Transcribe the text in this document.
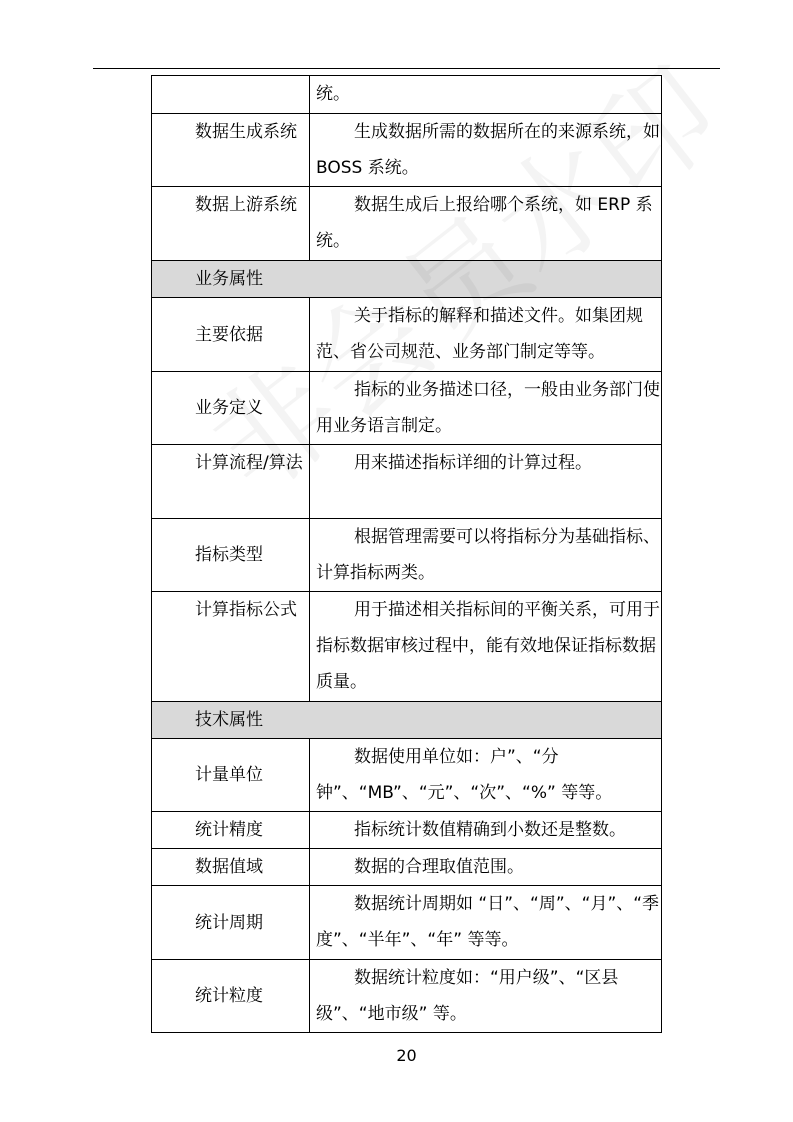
	统。

数据生成系统	生成数据所需的数据所在的来源系统，如 BOSS 系统。

数据上游系统	数据生成后上报给哪个系统，如 ERP 系统。

业务属性	

主要依据	关于指标的解释和描述文件。如集团规范、省公司规范、业务部门制定等等。

业务定义	指标的业务描述口径，一般由业务部门使用业务语言制定。

计算流程/算法	用来描述指标详细的计算过程。

指标类型	根据管理需要可以将指标分为基础指标、计算指标两类。

计算指标公式	用于描述相关指标间的平衡关系，可用于指标数据审核过程中，能有效地保证指标数据质量。

技术属性	

计量单位	数据使用单位如：户”、“分钟”、“MB”、“元”、“次”、“%” 等等。

统计精度	指标统计数值精确到小数还是整数。

数据值域	数据的合理取值范围。

统计周期	数据统计周期如 “日”、“周”、“月”、“季度”、“半年”、“年” 等等。

统计粒度	数据统计粒度如：“用户级”、“区县级”、“地市级” 等。
20
